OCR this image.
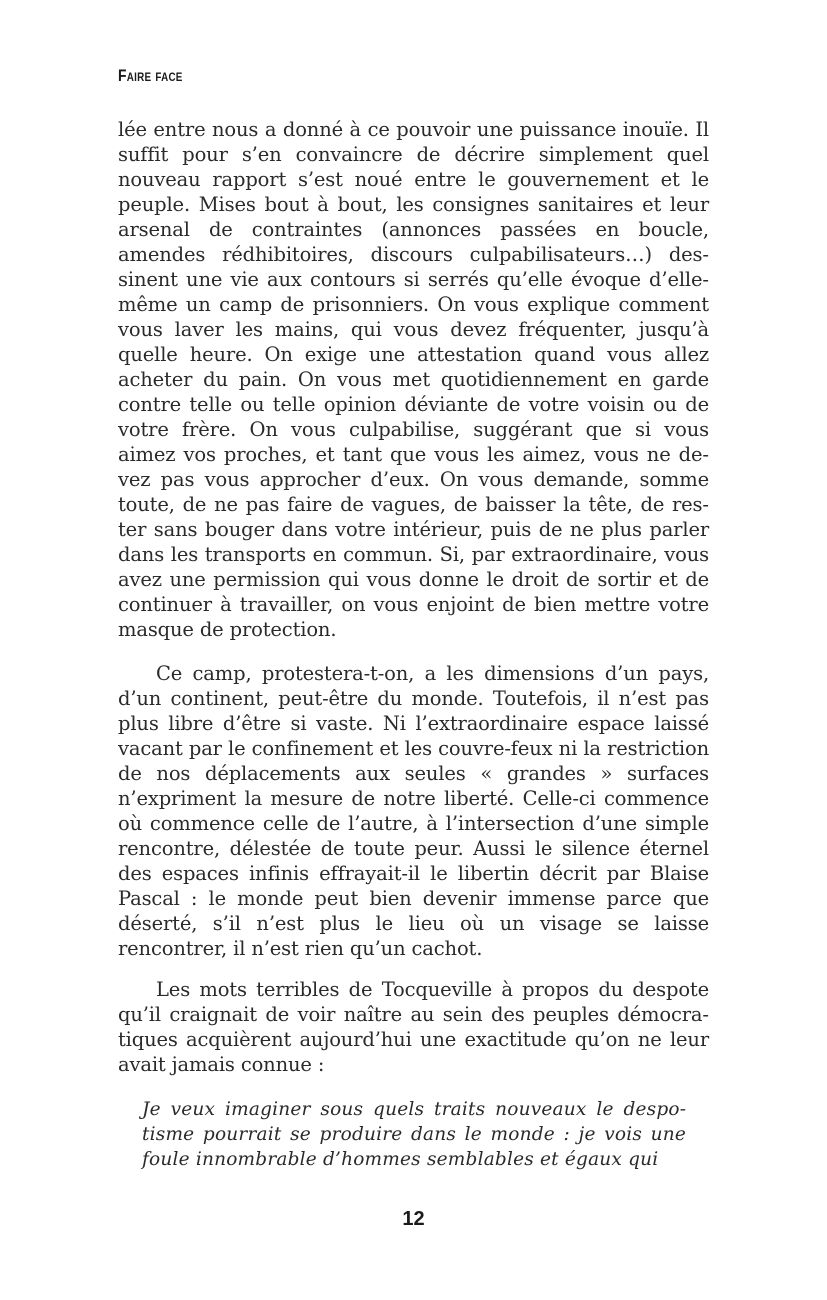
Faire face

lée entre nous a donné à ce pouvoir une puissance inouïe. Il suffit pour s’en convaincre de décrire simplement quel nouveau rapport s’est noué entre le gouvernement et le peuple. Mises bout à bout, les consignes sanitaires et leur arsenal de contraintes (annonces passées en boucle, amendes rédhibitoires, discours culpabilisateurs…) dessinent une vie aux contours si serrés qu’elle évoque d’ellemême un camp de prisonniers. On vous explique comment vous laver les mains, qui vous devez fréquenter, jusqu’à quelle heure. On exige une attestation quand vous allez acheter du pain. On vous met quotidiennement en garde contre telle ou telle opinion déviante de votre voisin ou de votre frère. On vous culpabilise, suggérant que si vous aimez vos proches, et tant que vous les aimez, vous ne devez pas vous approcher d’eux. On vous demande, somme toute, de ne pas faire de vagues, de baisser la tête, de rester sans bouger dans votre intérieur, puis de ne plus parler dans les transports en commun. Si, par extraordinaire, vous avez une permission qui vous donne le droit de sortir et de continuer à travailler, on vous enjoint de bien mettre votre masque de protection.

Ce camp, protestera-t-on, a les dimensions d’un pays, d’un continent, peut-être du monde. Toutefois, il n’est pas plus libre d’être si vaste. Ni l’extraordinaire espace laissé vacant par le confinement et les couvre-feux ni la restriction de nos déplacements aux seules « grandes » surfaces n’expriment la mesure de notre liberté. Celle-ci commence où commence celle de l’autre, à l’intersection d’une simple rencontre, délestée de toute peur. Aussi le silence éternel des espaces infinis effrayait-il le libertin décrit par Blaise Pascal : le monde peut bien devenir immense parce que déserté, s’il n’est plus le lieu où un visage se laisse rencontrer, il n’est rien qu’un cachot.

Les mots terribles de Tocqueville à propos du despote qu’il craignait de voir naître au sein des peuples démocratiques acquièrent aujourd’hui une exactitude qu’on ne leur avait jamais connue :

Je veux imaginer sous quels traits nouveaux le despotisme pourrait se produire dans le monde : je vois une foule innombrable d’hommes semblables et égaux qui

12
